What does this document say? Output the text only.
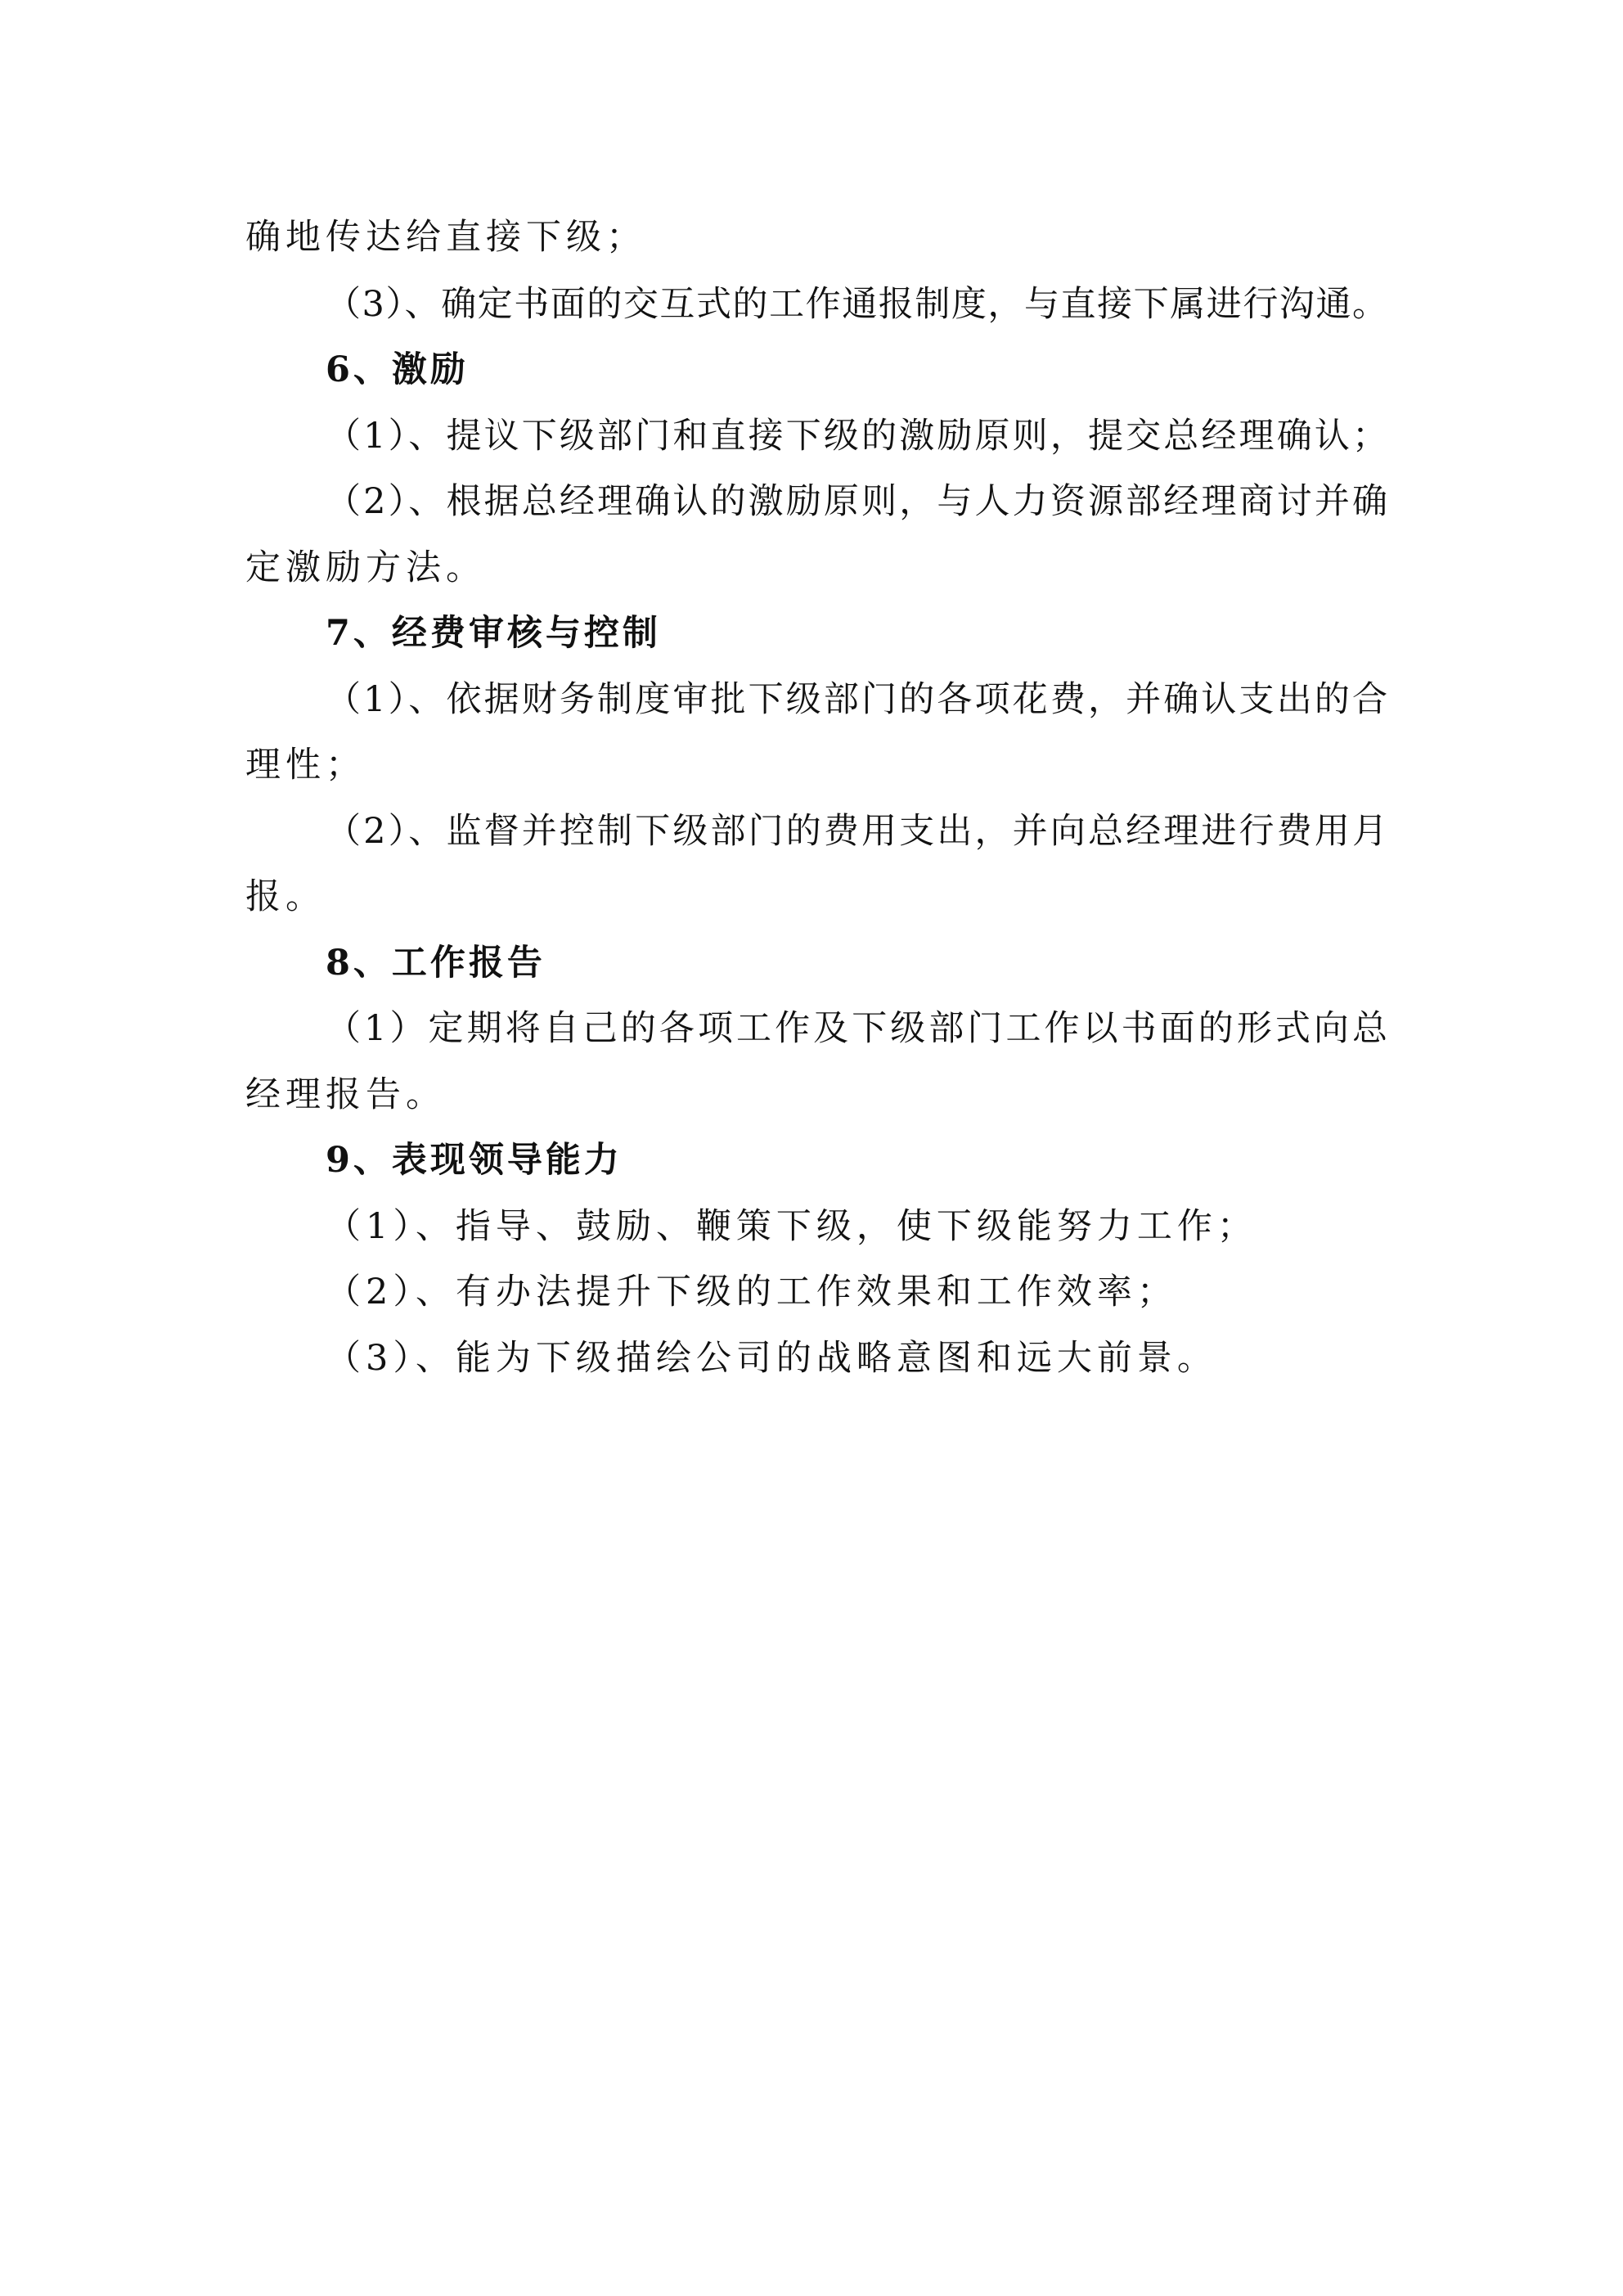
确地传达给直接下级；
（3）、确定书面的交互式的工作通报制度，与直接下属进行沟通。
6、激励
（1）、提议下级部门和直接下级的激励原则，提交总经理确认；
（2）、根据总经理确认的激励原则，与人力资源部经理商讨并确
定激励方法。
7、经费审核与控制
（1）、依据财务制度审批下级部门的各项花费，并确认支出的合
理性；
（2）、监督并控制下级部门的费用支出，并向总经理进行费用月
报。
8、工作报告
（1）定期将自己的各项工作及下级部门工作以书面的形式向总
经理报告。
9、表现领导能力
（1）、指导、鼓励、鞭策下级，使下级能努力工作；
（2）、有办法提升下级的工作效果和工作效率；
（3）、能为下级描绘公司的战略意图和远大前景。
